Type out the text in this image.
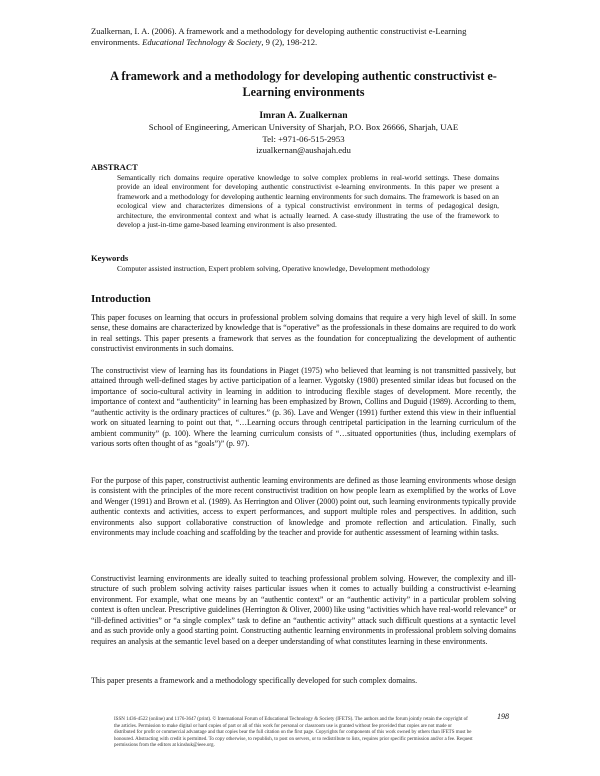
Zualkernan, I. A. (2006). A framework and a methodology for developing authentic constructivist e-Learning environments. Educational Technology & Society, 9 (2), 198-212.
A framework and a methodology for developing authentic constructivist e-Learning environments
Imran A. Zualkernan
School of Engineering, American University of Sharjah, P.O. Box 26666, Sharjah, UAE
Tel: +971-06-515-2953
izualkernan@aushajah.edu
ABSTRACT
Semantically rich domains require operative knowledge to solve complex problems in real-world settings. These domains provide an ideal environment for developing authentic constructivist e-learning environments. In this paper we present a framework and a methodology for developing authentic learning environments for such domains. The framework is based on an ecological view and characterizes dimensions of a typical constructivist environment in terms of pedagogical design, architecture, the environmental context and what is actually learned. A case-study illustrating the use of the framework to develop a just-in-time game-based learning environment is also presented.
Keywords
Computer assisted instruction, Expert problem solving, Operative knowledge, Development methodology
Introduction
This paper focuses on learning that occurs in professional problem solving domains that require a very high level of skill. In some sense, these domains are characterized by knowledge that is “operative” as the professionals in these domains are required to do work in real settings. This paper presents a framework that serves as the foundation for conceptualizing the development of authentic constructivist environments in such domains.
The constructivist view of learning has its foundations in Piaget (1975) who believed that learning is not transmitted passively, but attained through well-defined stages by active participation of a learner. Vygotsky (1980) presented similar ideas but focused on the importance of socio-cultural activity in learning in addition to introducing flexible stages of development. More recently, the importance of context and “authenticity” in learning has been emphasized by Brown, Collins and Duguid (1989). According to them, “authentic activity is the ordinary practices of cultures.” (p. 36). Lave and Wenger (1991) further extend this view in their influential work on situated learning to point out that, “…Learning occurs through centripetal participation in the learning curriculum of the ambient community” (p. 100). Where the learning curriculum consists of “…situated opportunities (thus, including exemplars of various sorts often thought of as “goals”)” (p. 97).
For the purpose of this paper, constructivist authentic learning environments are defined as those learning environments whose design is consistent with the principles of the more recent constructivist tradition on how people learn as exemplified by the works of Love and Wenger (1991) and Brown et al. (1989). As Herrington and Oliver (2000) point out, such learning environments typically provide authentic contexts and activities, access to expert performances, and support multiple roles and perspectives. In addition, such environments also support collaborative construction of knowledge and promote reflection and articulation. Finally, such environments may include coaching and scaffolding by the teacher and provide for authentic assessment of learning within tasks.
Constructivist learning environments are ideally suited to teaching professional problem solving. However, the complexity and ill-structure of such problem solving activity raises particular issues when it comes to actually building a constructivist e-learning environment. For example, what one means by an “authentic context” or an “authentic activity” in a particular problem solving context is often unclear. Prescriptive guidelines (Herrington & Oliver, 2000) like using “activities which have real-world relevance” or “ill-defined activities” or “a single complex” task to define an “authentic activity” attack such difficult questions at a syntactic level and as such provide only a good starting point. Constructing authentic learning environments in professional problem solving domains requires an analysis at the semantic level based on a deeper understanding of what constitutes learning in these environments.
This paper presents a framework and a methodology specifically developed for such complex domains.
ISSN 1436-4522 (online) and 1176-3647 (print). © International Forum of Educational Technology & Society (IFETS). The authors and the forum jointly retain the copyright of the articles. Permission to make digital or hard copies of part or all of this work for personal or classroom use is granted without fee provided that copies are not made or distributed for profit or commercial advantage and that copies bear the full citation on the first page. Copyrights for components of this work owned by others than IFETS must be honoured. Abstracting with credit is permitted. To copy otherwise, to republish, to post on servers, or to redistribute to lists, requires prior specific permission and/or a fee. Request permissions from the editors at kinshuk@ieee.org.
198
